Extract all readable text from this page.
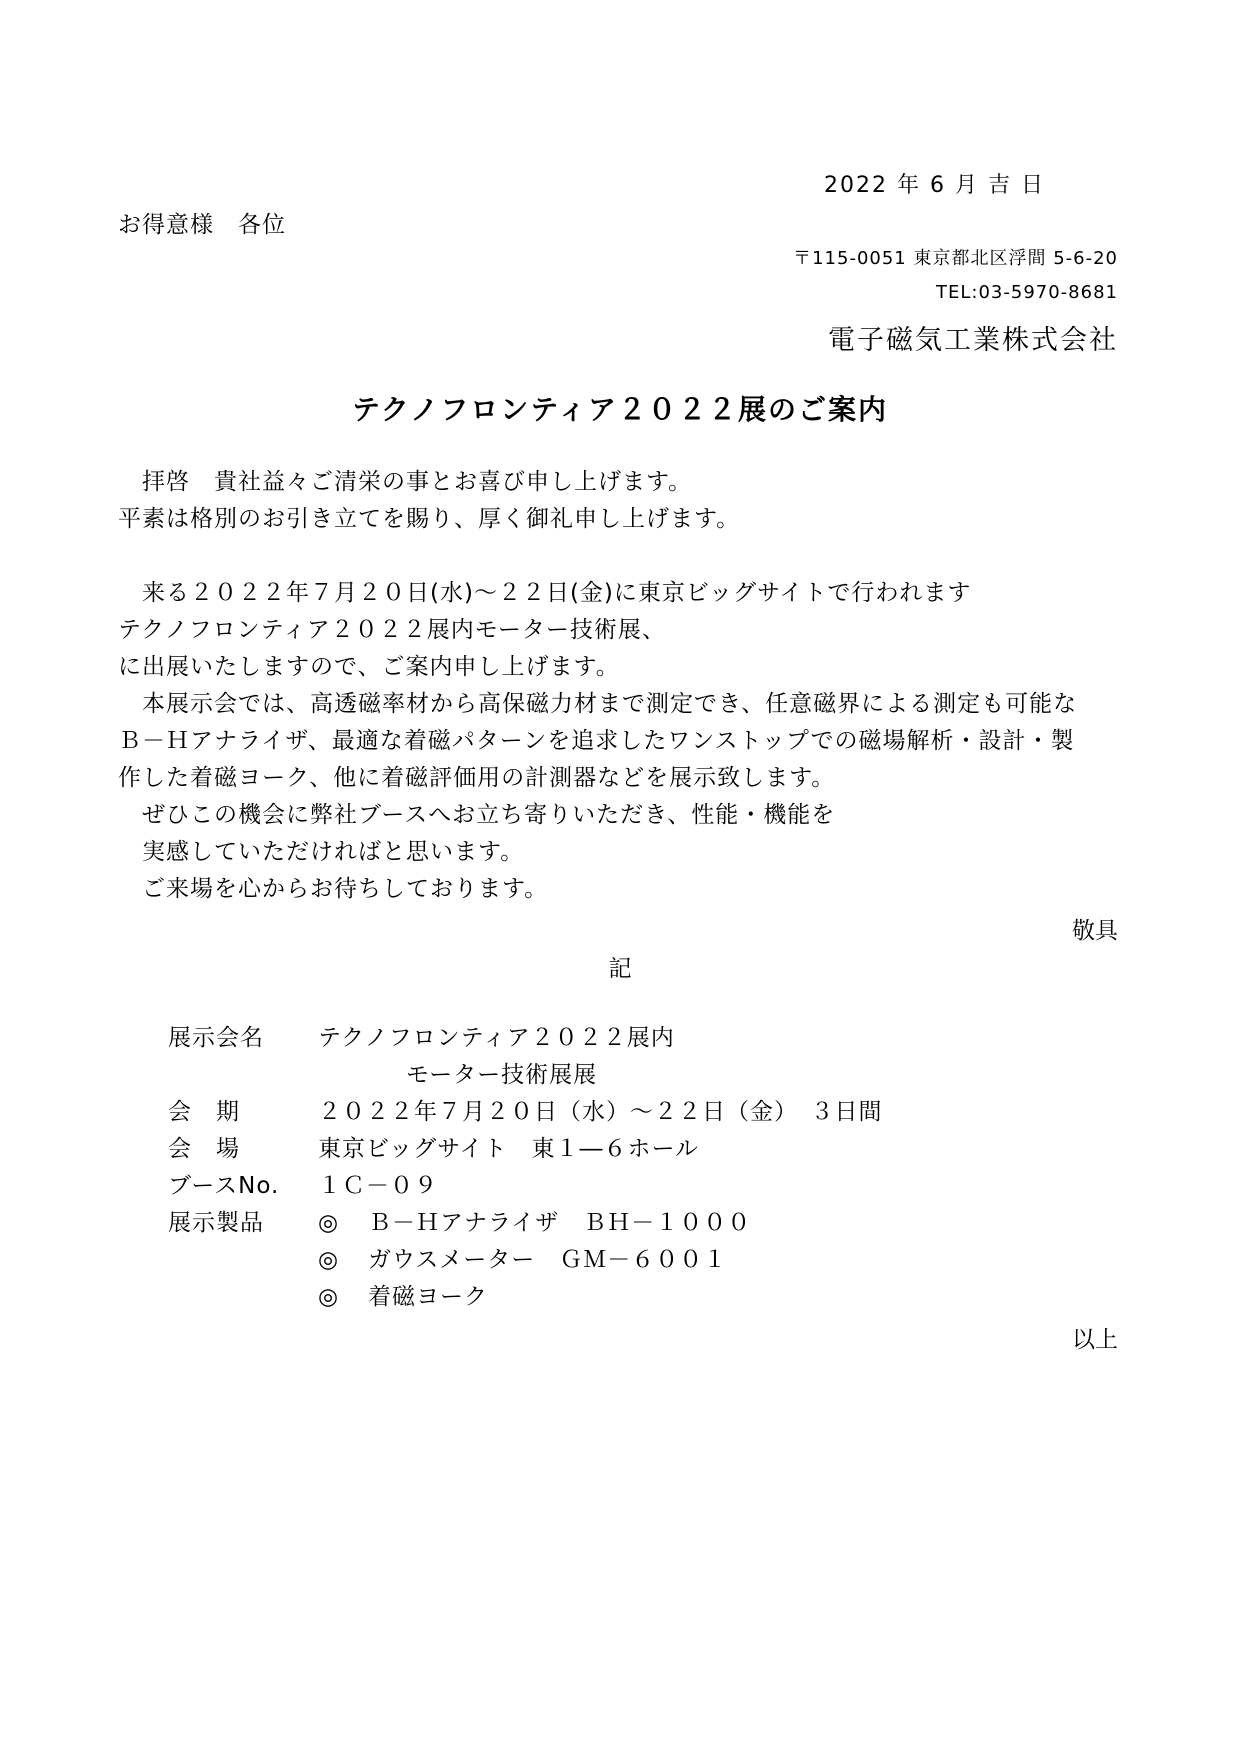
2022 年 6 月 吉 日
お得意様　各位
〒115-0051 東京都北区浮間 5-6-20
TEL:03-5970-8681
電子磁気工業株式会社
テクノフロンティア２０２２展のご案内
　拝啓　貴社益々ご清栄の事とお喜び申し上げます。
平素は格別のお引き立てを賜り、厚く御礼申し上げます。
　来る２０２２年７月２０日(水)～２２日(金)に東京ビッグサイトで行われます
テクノフロンティア２０２２展内モーター技術展、
に出展いたしますので、ご案内申し上げます。
　本展示会では、高透磁率材から高保磁力材まで測定でき、任意磁界による測定も可能な
Ｂ－Ｈアナライザ、最適な着磁パターンを追求したワンストップでの磁場解析・設計・製
作した着磁ヨーク、他に着磁評価用の計測器などを展示致します。
　ぜひこの機会に弊社ブースへお立ち寄りいただき、性能・機能を
　実感していただければと思います。
　ご来場を心からお待ちしております。
敬具
記
展示会名 テクノフロンティア２０２２展内
モーター技術展展
会　期	２０２２年７月２０日（水）～２２日（金）　３日間
会　場	東京ビッグサイト　東１―６ホール
ブースNo. １Ｃ－０９
展示製品 ◎ Ｂ－Ｈアナライザ　ＢＨ－１０００
◎ ガウスメーター　ＧＭ－６００１
◎ 着磁ヨーク
以上
